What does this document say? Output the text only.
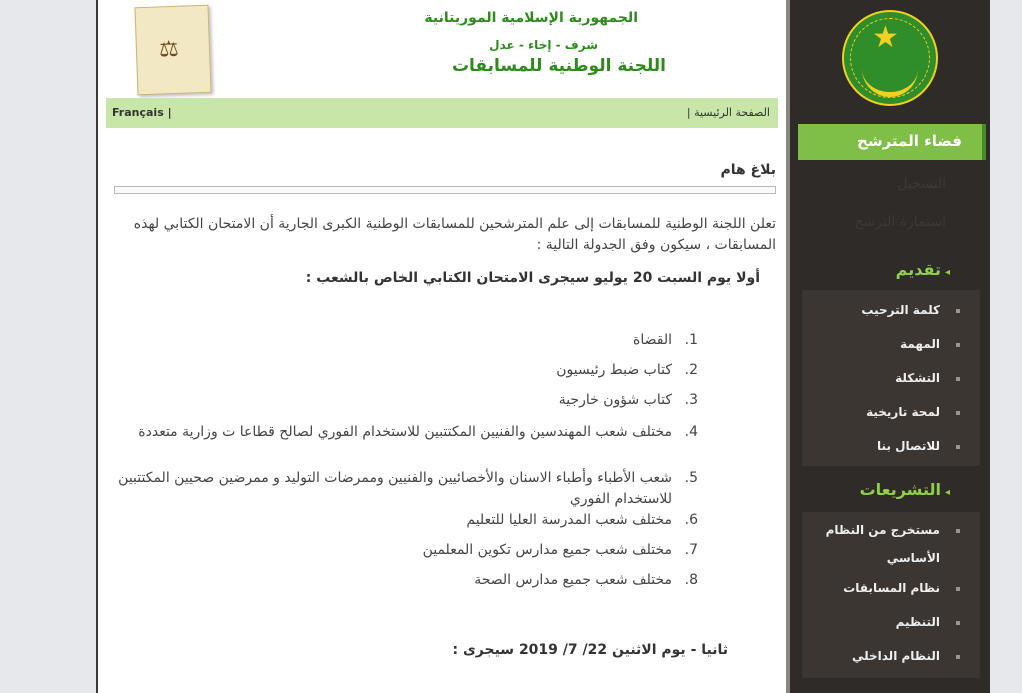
⚖
الجمهورية الإسلامية الموريتانية
شرف - إخاء - عدل
اللجنة الوطنية للمسابقات
الصفحة الرئيسية |
Français |
بلاغ هام
تعلن اللجنة الوطنية للمسابقات إلى علم المترشحين للمسابقات الوطنية الكبرى الجارية أن الامتحان الكتابي لهذه المسابقات ، سيكون وفق الجدولة التالية :
أولا يوم السبت 20 يوليو سيجرى الامتحان الكتابي الخاص بالشعب :
1.
القضاة
2.
كتاب ضبط رئيسيون
3.
كتاب شؤون خارجية
4.
مختلف شعب المهندسين والفنيين المكتتبين للاستخدام الفوري لصالح قطاعا ت وزارية متعددة
5.
شعب الأطباء وأطباء الاسنان والأخصائيين والفنيين وممرضات التوليد و ممرضين صحيين المكتتبين للاستخدام الفوري
6.
مختلف شعب المدرسة العليا للتعليم
7.
مختلف شعب جميع مدارس تكوين المعلمين
8.
مختلف شعب جميع مدارس الصحة
ثانيا - يوم الاثنين 22/ 7/ 2019 سيجرى :
★
فضاء المترشح
التسجيل
استمارة الترشح
◂تقديم
كلمة الترحيب
المهمة
التشكلة
لمحة تاريخية
للاتصال بنا
◂التشريعات
مستخرج من النظام الأساسي
نظام المسابقات
التنظيم
النظام الداخلي
